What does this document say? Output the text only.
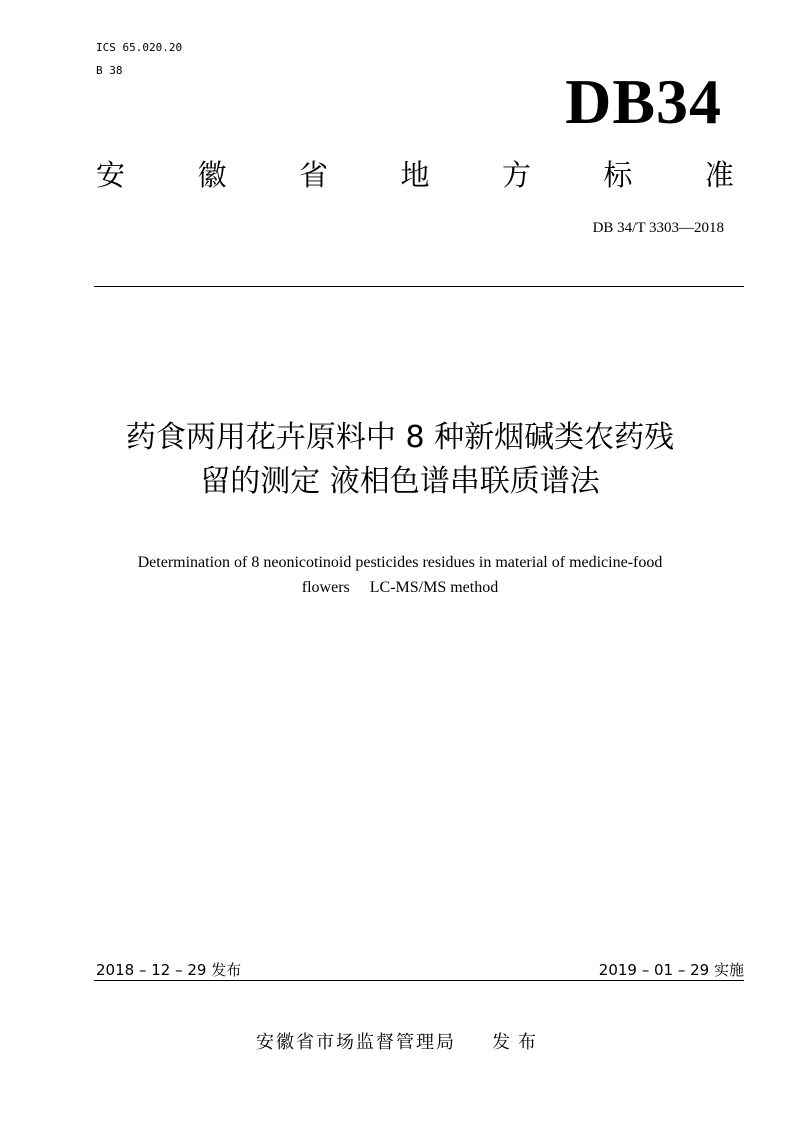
ICS 65.020.20
B 38	DB34
安 徽 省 地 方 标 准
DB 34/T 3303—2018
药食两用花卉原料中 8 种新烟碱类农药残
留的测定 液相色谱串联质谱法
Determination of 8 neonicotinoid pesticides residues in material of medicine-food
flowers  LC-MS/MS method
2018 – 12 – 29 发布	2019 – 01 – 29 实施
安徽省市场监督管理局 发布
